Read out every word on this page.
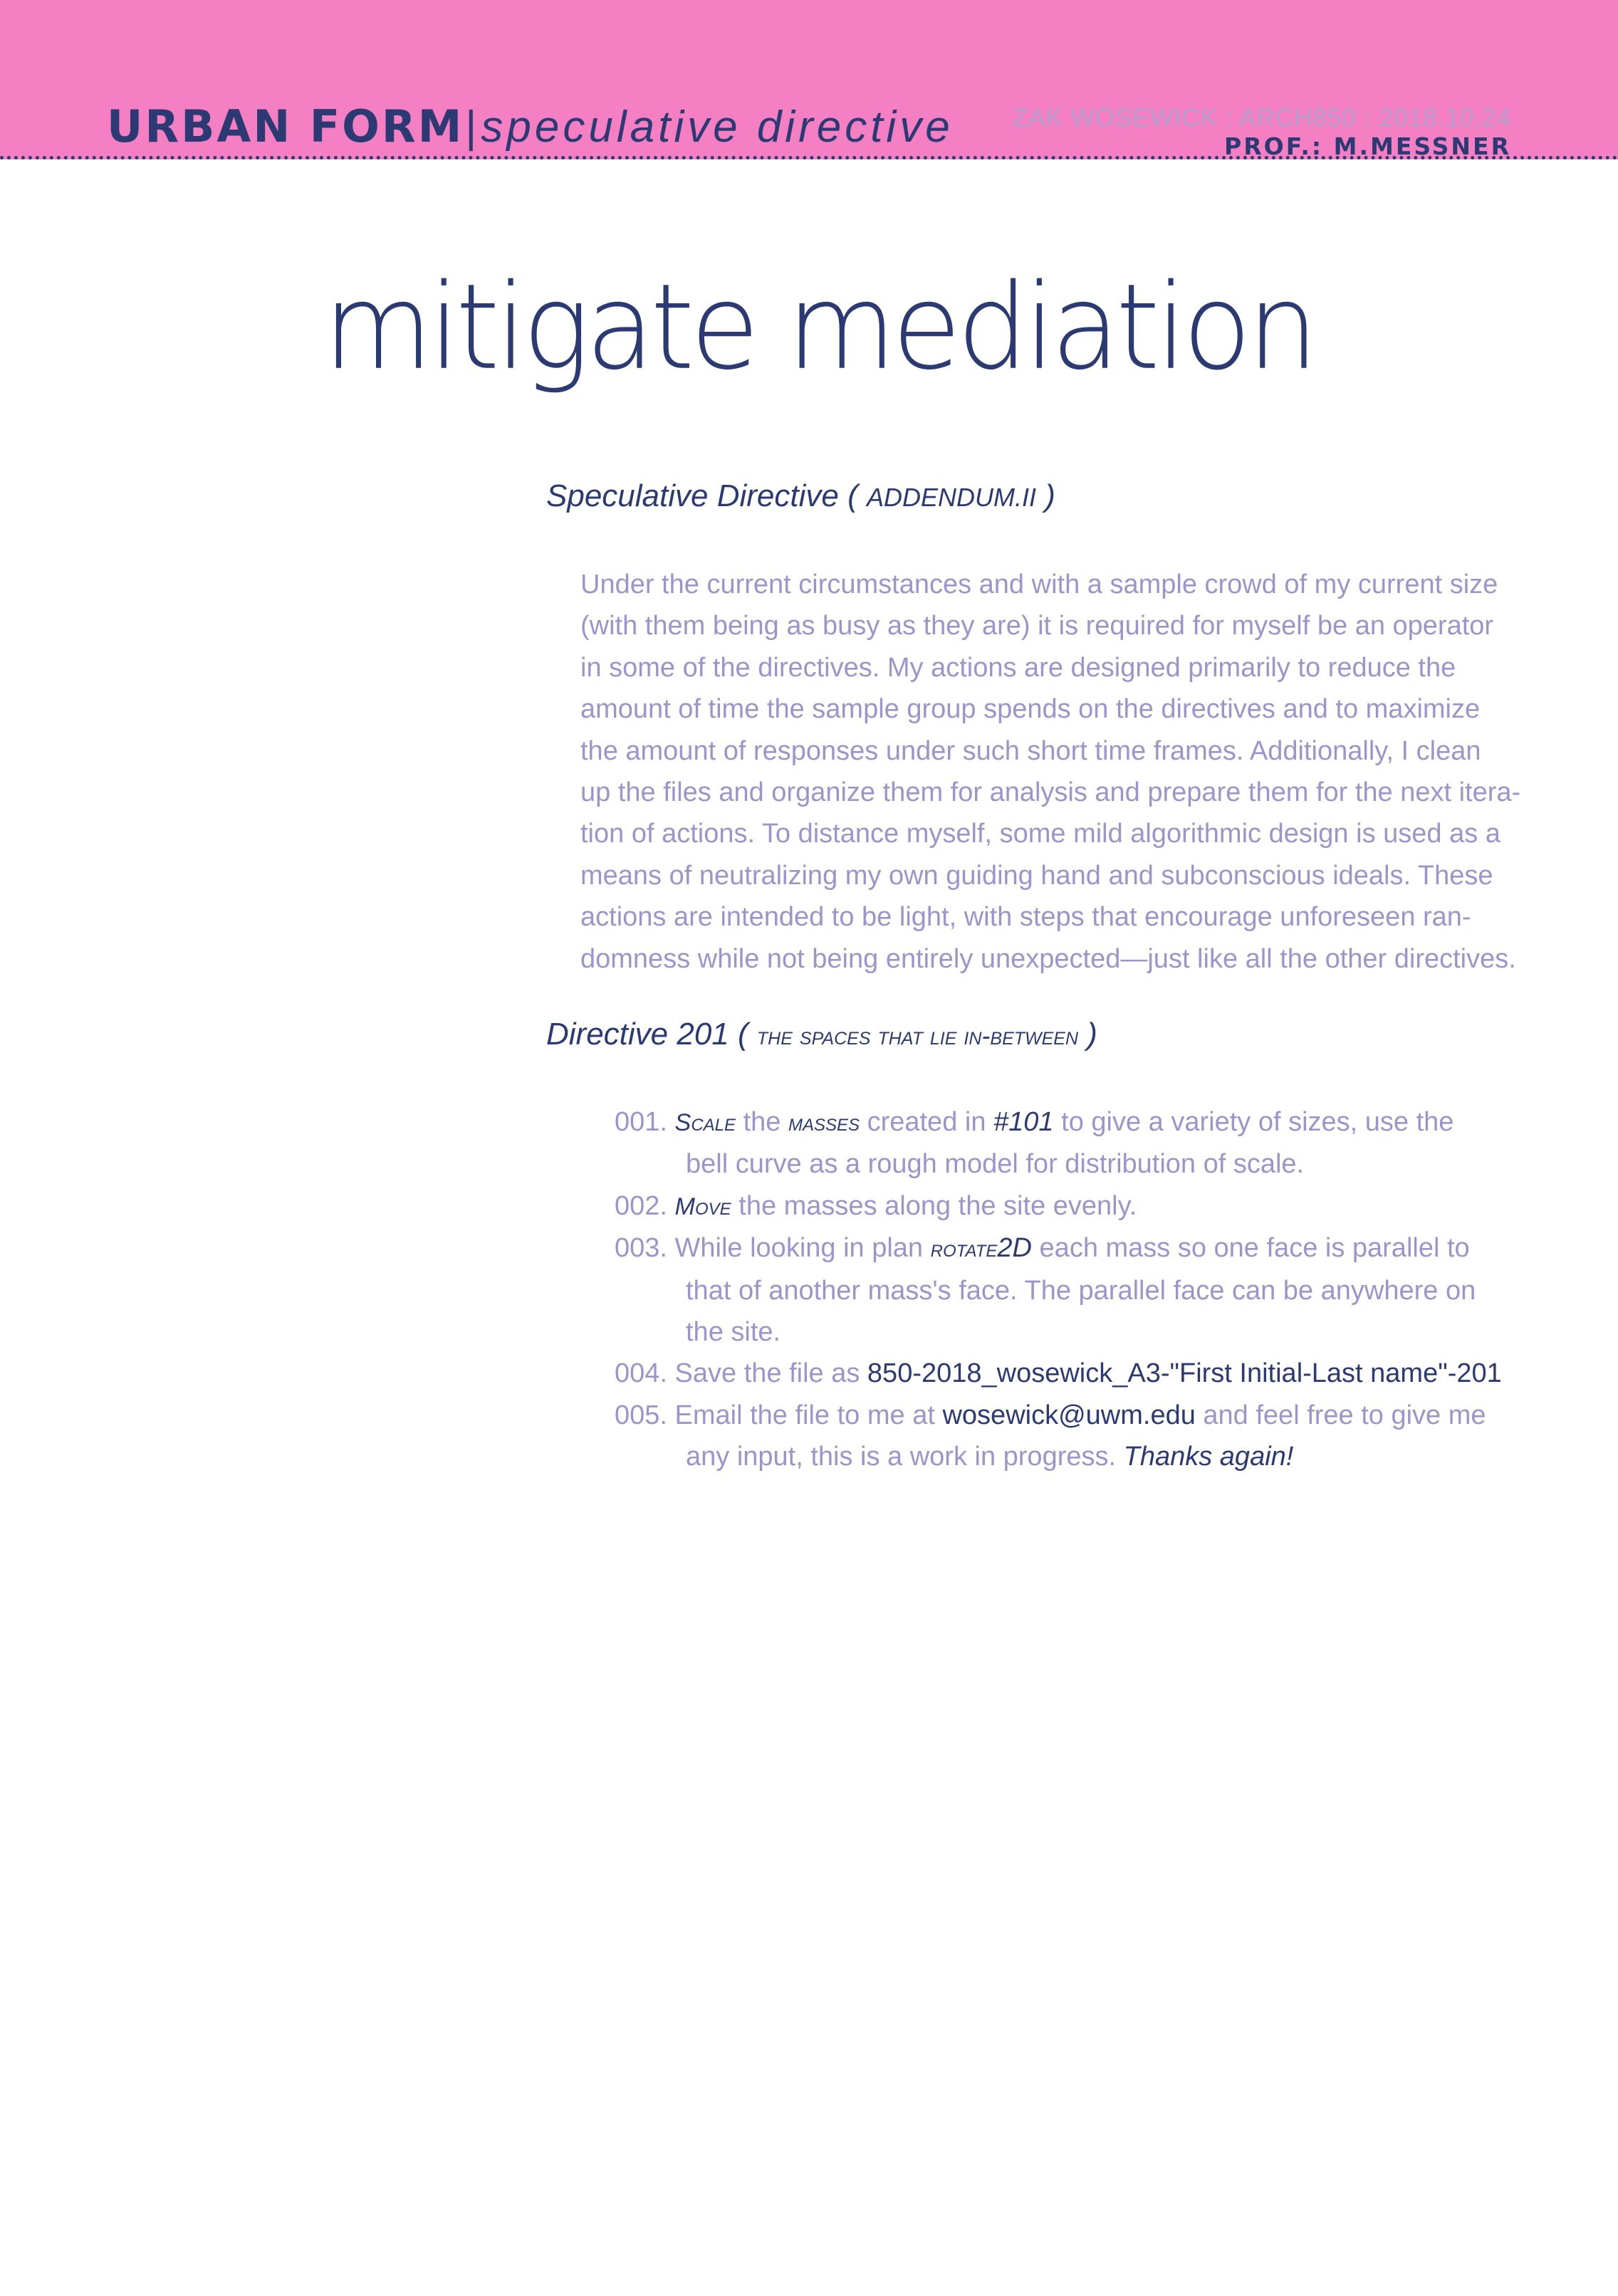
URBAN FORM|speculative directive ZAK WOSEWICK : ARCH850 : 2018.10.24
PROF.: M.MESSNER
mitigate mediation
Speculative Directive ( ADDENDUM.II )
Under the current circumstances and with a sample crowd of my current size
(with them being as busy as they are) it is required for myself be an operator
in some of the directives. My actions are designed primarily to reduce the
amount of time the sample group spends on the directives and to maximize
the amount of responses under such short time frames. Additionally, I clean
up the files and organize them for analysis and prepare them for the next itera-
tion of actions. To distance myself, some mild algorithmic design is used as a
means of neutralizing my own guiding hand and subconscious ideals. These
actions are intended to be light, with steps that encourage unforeseen ran-
domness while not being entirely unexpected—just like all the other directives.
Directive 201 ( the spaces that lie in-between )
001. Scale the masses created in #101 to give a variety of sizes, use the
bell curve as a rough model for distribution of scale.
002. Move the masses along the site evenly.
003. While looking in plan rotate2D each mass so one face is parallel to
that of another mass's face. The parallel face can be anywhere on
the site.
004. Save the file as 850-2018_wosewick_A3-"First Initial-Last name"-201
005. Email the file to me at wosewick@uwm.edu and feel free to give me
any input, this is a work in progress. Thanks again!
